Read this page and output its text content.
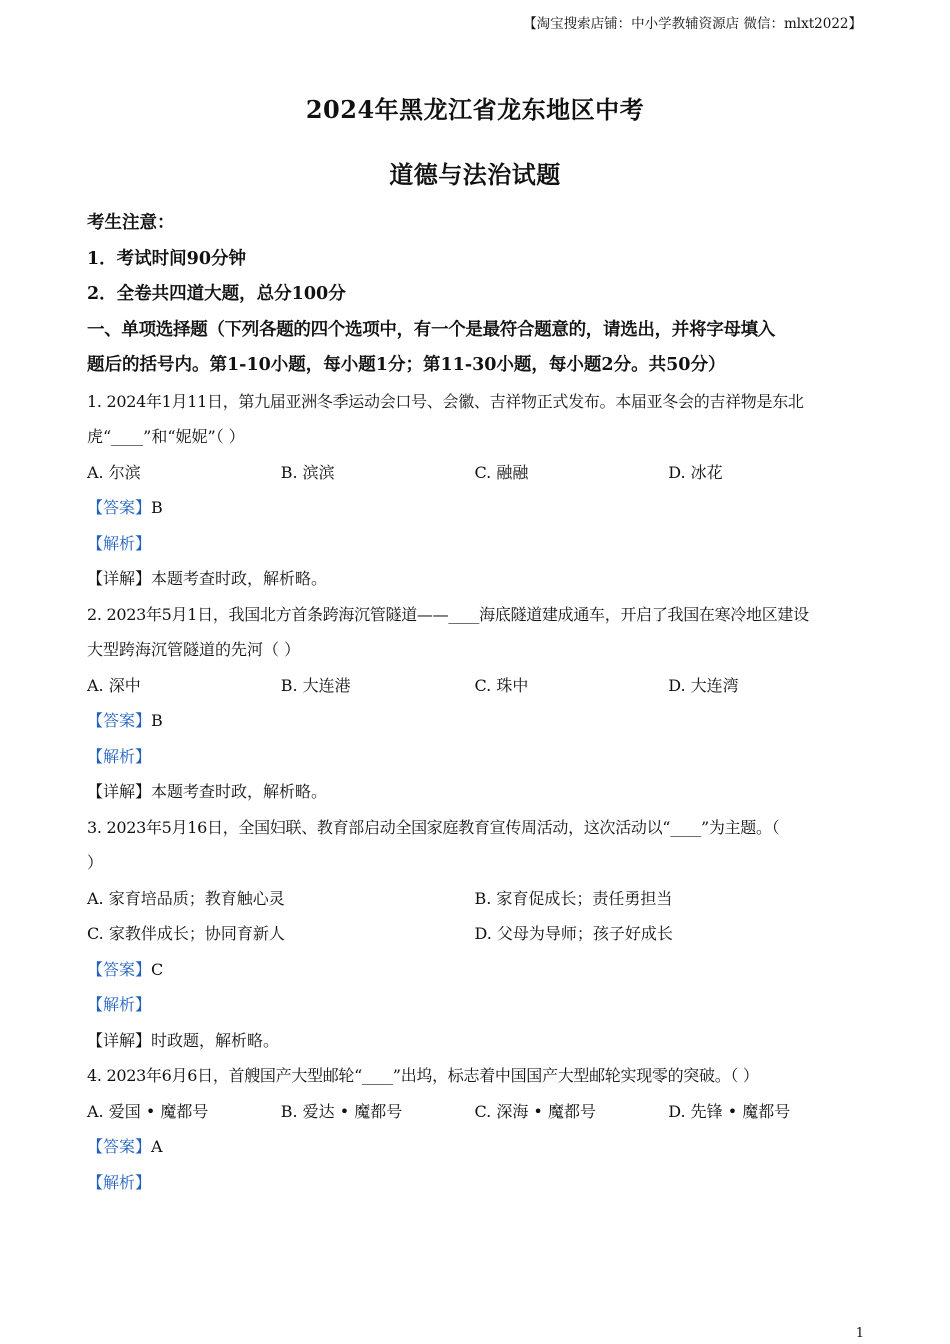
【淘宝搜索店铺：中小学教辅资源店 微信：mlxt2022】
2024年黑龙江省龙东地区中考
道德与法治试题
考生注意：
1．考试时间90分钟
2．全卷共四道大题，总分100分
一、单项选择题（下列各题的四个选项中，有一个是最符合题意的，请选出，并将字母填入
题后的括号内。第1-10小题，每小题1分；第11-30小题，每小题2分。共50分）
1. 2024年1月11日，第九届亚洲冬季运动会口号、会徽、吉祥物正式发布。本届亚冬会的吉祥物是东北
虎“____”和“妮妮”（ ）
A. 尔滨	B. 滨滨	C. 融融	D. 冰花
【答案】B
【解析】
【详解】本题考查时政，解析略。
2. 2023年5月1日，我国北方首条跨海沉管隧道——____海底隧道建成通车，开启了我国在寒冷地区建设
大型跨海沉管隧道的先河（ ）
A. 深中	B. 大连港	C. 珠中	D. 大连湾
【答案】B
【解析】
【详解】本题考查时政，解析略。
3. 2023年5月16日，全国妇联、教育部启动全国家庭教育宣传周活动，这次活动以“____”为主题。（
）
A. 家育培品质；教育触心灵	B. 家育促成长；责任勇担当
C. 家教伴成长；协同育新人	D. 父母为导师；孩子好成长
【答案】C
【解析】
【详解】时政题，解析略。
4. 2023年6月6日，首艘国产大型邮轮“____”出坞，标志着中国国产大型邮轮实现零的突破。（ ）
A. 爱国 • 魔都号	B. 爱达 • 魔都号	C. 深海 • 魔都号	D. 先锋 • 魔都号
【答案】A
【解析】
1
